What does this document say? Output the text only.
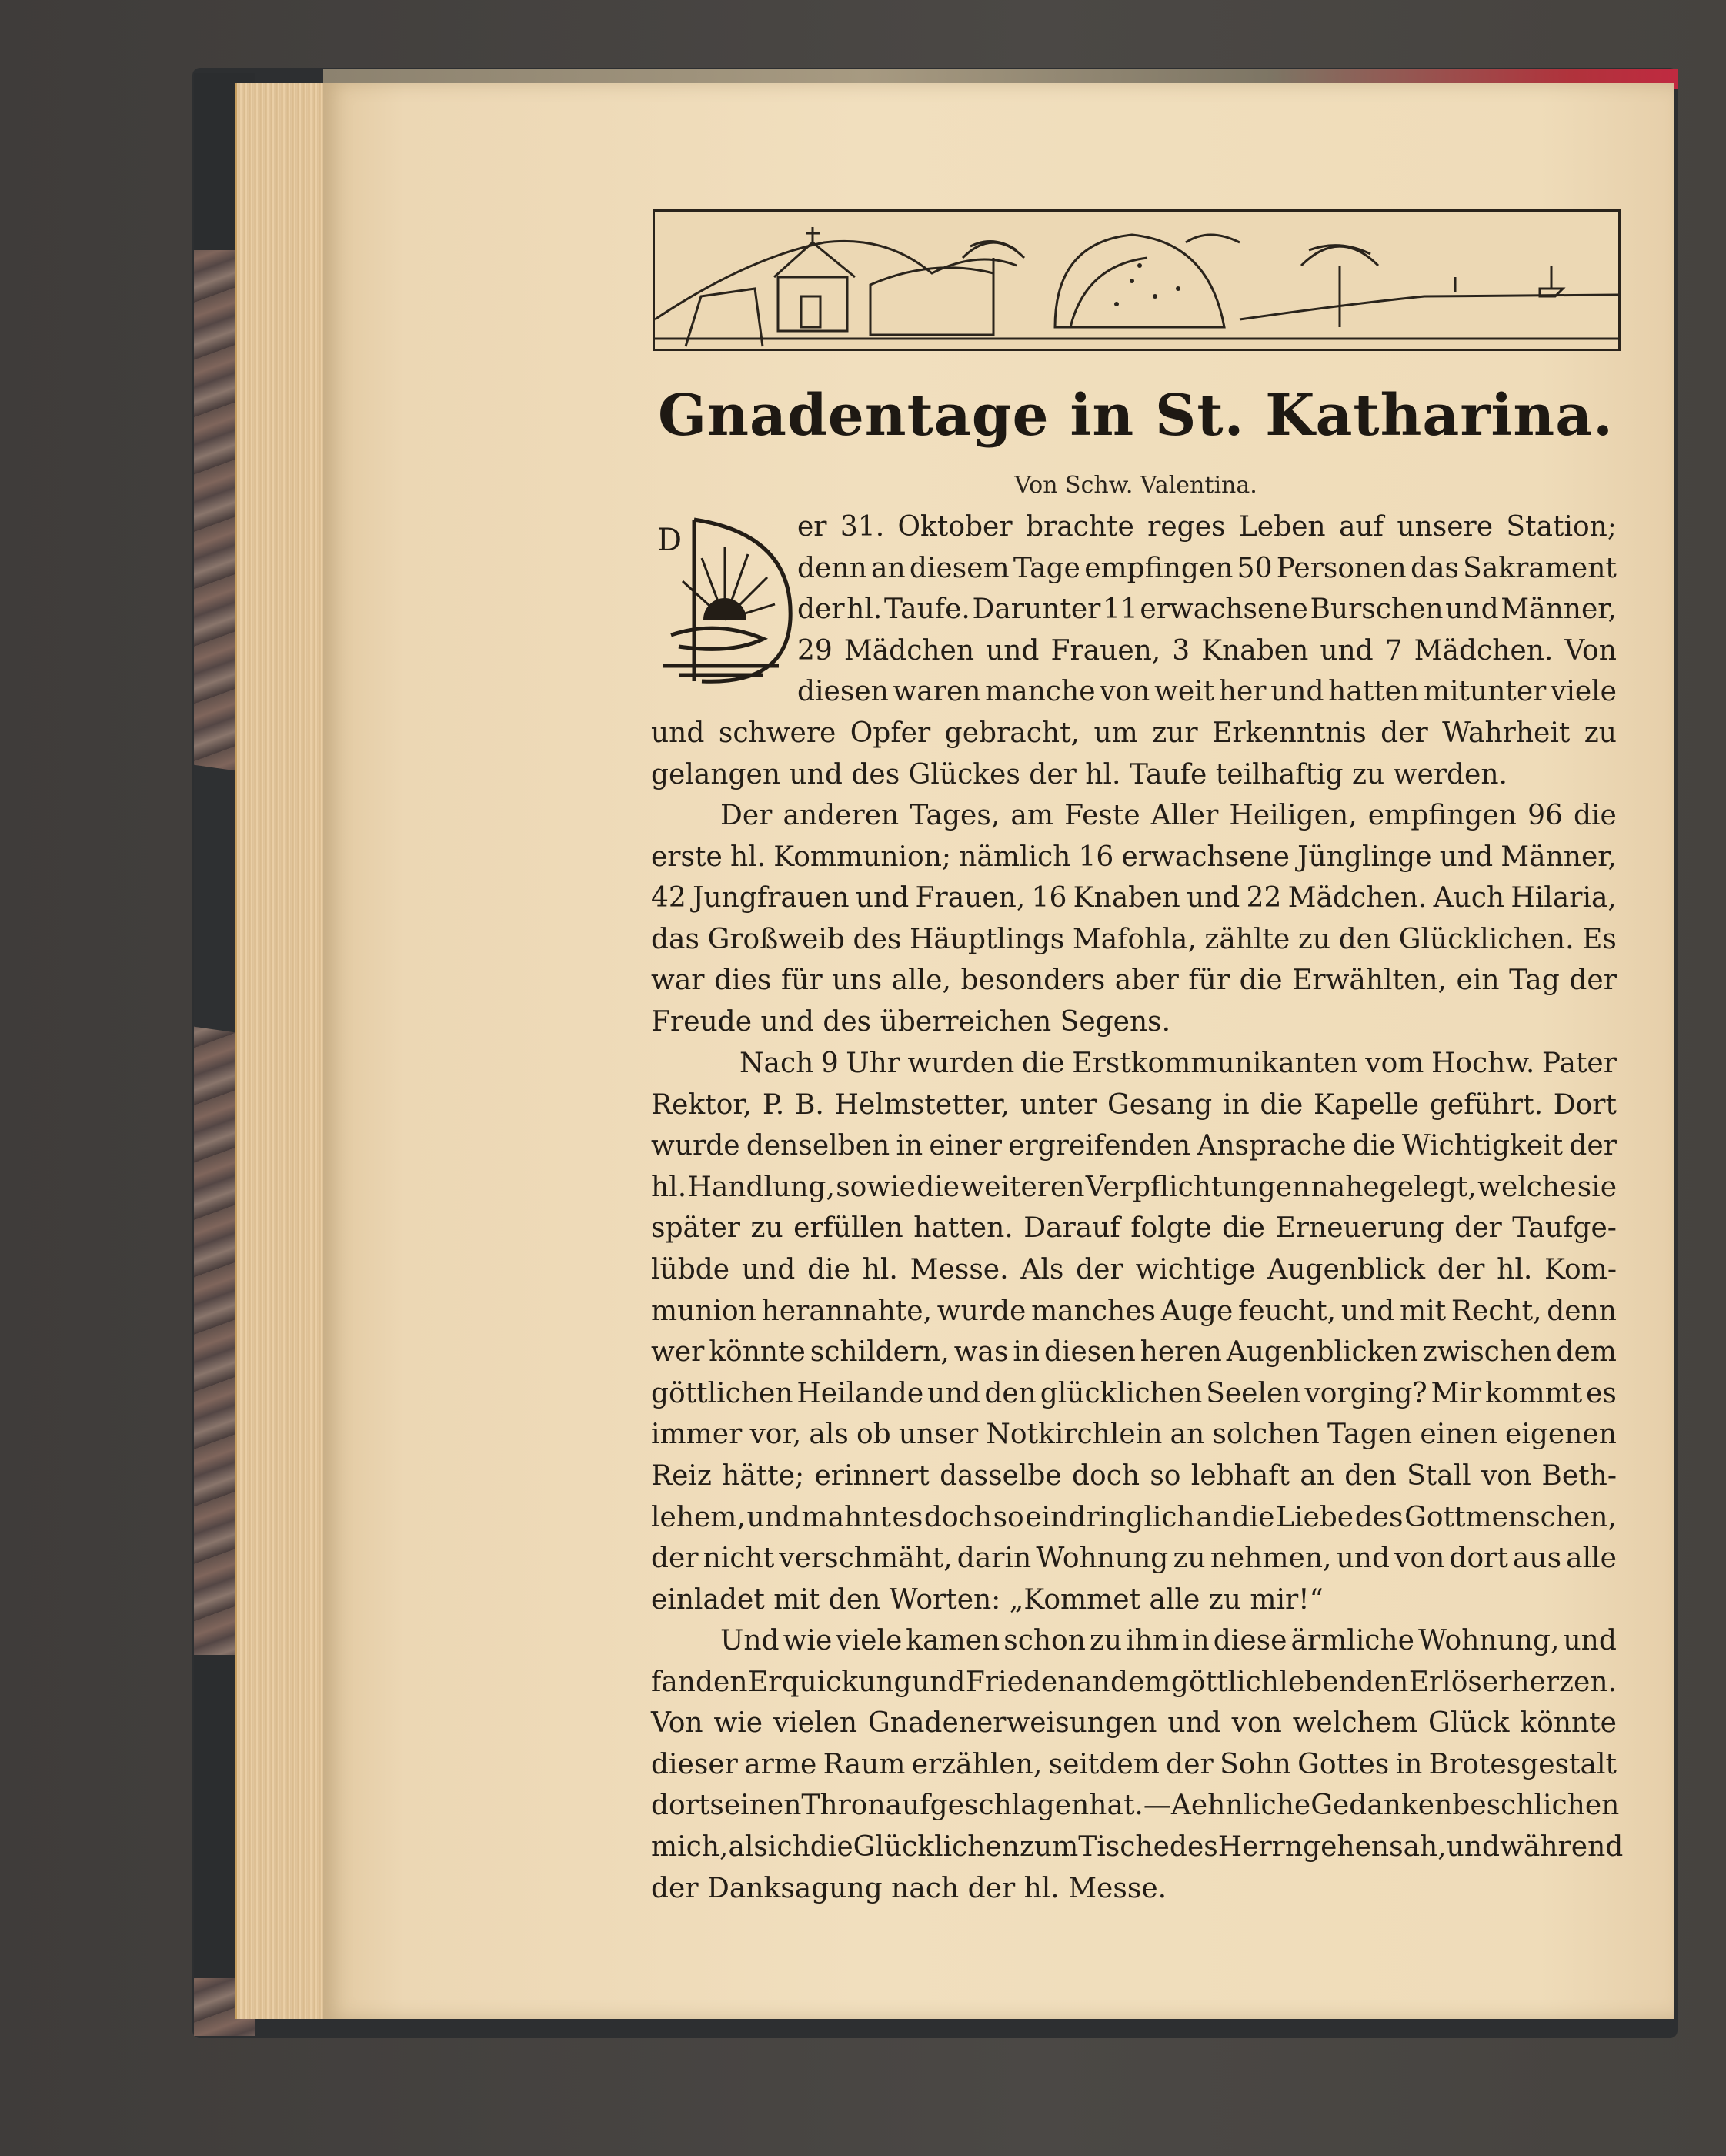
Gnadentage in St. Katharina.
Von Schw. Valentina.
D	er 31. Oktober brachte reges Leben auf unsere Station;
denn an diesem Tage empfingen 50 Personen das Sakrament
der hl. Taufe. Darunter 11 erwachsene Burschen und Männer,
29 Mädchen und Frauen, 3 Knaben und 7 Mädchen. Von
diesen waren manche von weit her und hatten mitunter viele
und schwere Opfer gebracht, um zur Erkenntnis der Wahrheit zu
gelangen und des Glückes der hl. Taufe teilhaftig zu werden.
Der anderen Tages, am Feste Aller Heiligen, empfingen 96 die
erste hl. Kommunion; nämlich 16 erwachsene Jünglinge und Männer,
42 Jungfrauen und Frauen, 16 Knaben und 22 Mädchen. Auch Hilaria,
das Großweib des Häuptlings Mafohla, zählte zu den Glücklichen. Es
war dies für uns alle, besonders aber für die Erwählten, ein Tag der
Freude und des überreichen Segens.
Nach 9 Uhr wurden die Erstkommunikanten vom Hochw. Pater
Rektor, P. B. Helmstetter, unter Gesang in die Kapelle geführt. Dort
wurde denselben in einer ergreifenden Ansprache die Wichtigkeit der
hl. Handlung, sowie die weiteren Verpflichtungen nahegelegt, welche sie
später zu erfüllen hatten. Darauf folgte die Erneuerung der Taufge-
lübde und die hl. Messe. Als der wichtige Augenblick der hl. Kom-
munion herannahte, wurde manches Auge feucht, und mit Recht, denn
wer könnte schildern, was in diesen heren Augenblicken zwischen dem
göttlichen Heilande und den glücklichen Seelen vorging? Mir kommt es
immer vor, als ob unser Notkirchlein an solchen Tagen einen eigenen
Reiz hätte; erinnert dasselbe doch so lebhaft an den Stall von Beth-
lehem, und mahnt es doch so eindringlich an die Liebe des Gottmenschen,
der nicht verschmäht, darin Wohnung zu nehmen, und von dort aus alle
einladet mit den Worten: „Kommet alle zu mir!“
Und wie viele kamen schon zu ihm in diese ärmliche Wohnung, und
fanden Erquickung und Frieden an dem göttlich lebenden Erlöserherzen.
Von wie vielen Gnadenerweisungen und von welchem Glück könnte
dieser arme Raum erzählen, seitdem der Sohn Gottes in Brotesgestalt
dort seinen Thron aufgeschlagen hat. — Aehnliche Gedanken beschlichen
mich, als ich die Glücklichen zum Tische des Herrn gehen sah, und während
der Danksagung nach der hl. Messe.
